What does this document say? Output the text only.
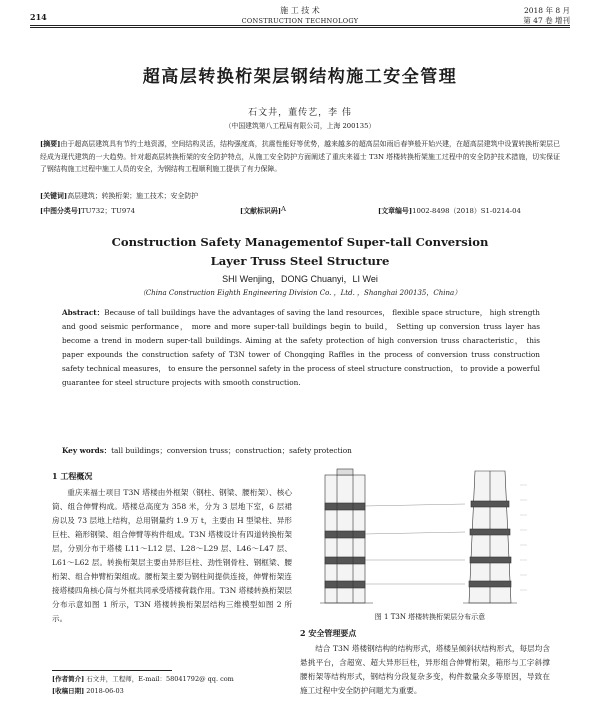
214
施 工 技 术
CONSTRUCTION TECHNOLOGY
2018 年 8 月
第 47 卷 增刊
超高层转换桁架层钢结构施工安全管理
石文井，董传艺，李 伟
（中国建筑第八工程局有限公司，上海 200135）
[摘要]由于超高层建筑具有节约土地资源，空间结构灵活，结构强度高，抗震性能好等优势，越来越多的超高层如雨后春笋般开始兴建，在超高层建筑中设置转换桁架层已经成为现代建筑的一大趋势。针对超高层转换桁架的安全防护特点，从施工安全防护方面阐述了重庆来福士 T3N 塔楼转换桁架施工过程中的安全防护技术措施，切实保证了钢结构施工过程中施工人员的安全，为钢结构工程顺利施工提供了有力保障。
[关键词]高层建筑；转换桁架；施工技术；安全防护
[中图分类号] TU732；TU974	[文献标识码] A	[文章编号] 1002-8498（2018）S1-0214-04
Construction Safety Managementof Super-tall Conversion
Layer Truss Steel Structure
SHI Wenjing，DONG Chuanyi，LI Wei
（China Construction Eighth Engineering Division Co. ，Ltd. ，Shanghai 200135，China）
Abstract：Because of tall buildings have the advantages of saving the land resources， flexible space structure， high strength and good seismic performance， more and more super-tall buildings begin to build， Setting up conversion truss layer has become a trend in modern super-tall buildings. Aiming at the safety protection of high conversion truss characteristic， this paper expounds the construction safety of T3N tower of Chongqing Raffles in the process of conversion truss construction safety technical measures， to ensure the personnel safety in the process of steel structure construction， to provide a powerful guarantee for steel structure projects with smooth construction.
Key words：tall buildings；conversion truss；construction；safety protection
1 工程概况

重庆来福士项目 T3N 塔楼由外框架（钢柱、钢梁、腰桁架）、核心筒、组合伸臂构成。塔楼总高度为 358 米，分为 3 层地下室，6 层裙房以及 73 层地上结构，总用钢量约 1.9 万 t，主要由 H 型梁柱、异形巨柱、箱形钢梁、组合伸臂等构件组成。T3N 塔楼设计有四道转换桁架层，分别分布于塔楼 L11～L12 层、L28～L29 层、L46～L47 层、L61～L62 层。转换桁架层主要由异形巨柱、劲性钢骨柱、钢框梁、腰桁架、组合伸臂桁架组成。腰桁架主要为钢柱间提供连接，伸臂桁架连接塔楼四角核心筒与外框共同承受塔楼荷载作用。T3N 塔楼转换桁架层分布示意如图 1 所示，T3N 塔楼转换桁架层结构三维模型如图 2 所示。	图 1 T3N 塔楼转换桁架层分布示意
2 安全管理要点

结合 T3N 塔楼钢结构的结构形式，塔楼呈倾斜状结构形式，每层均含悬挑平台，含超宽、超大异形巨柱，异形组合伸臂桁架，箱形与工字斜撑腰桁架等结构形式，钢结构分段复杂多变，构件数量众多等原因，导致在施工过程中安全防护问题尤为重要。

[作者简介] 石文井，工程师，E-mail：58041792@ qq. com
[收稿日期] 2018-06-03
